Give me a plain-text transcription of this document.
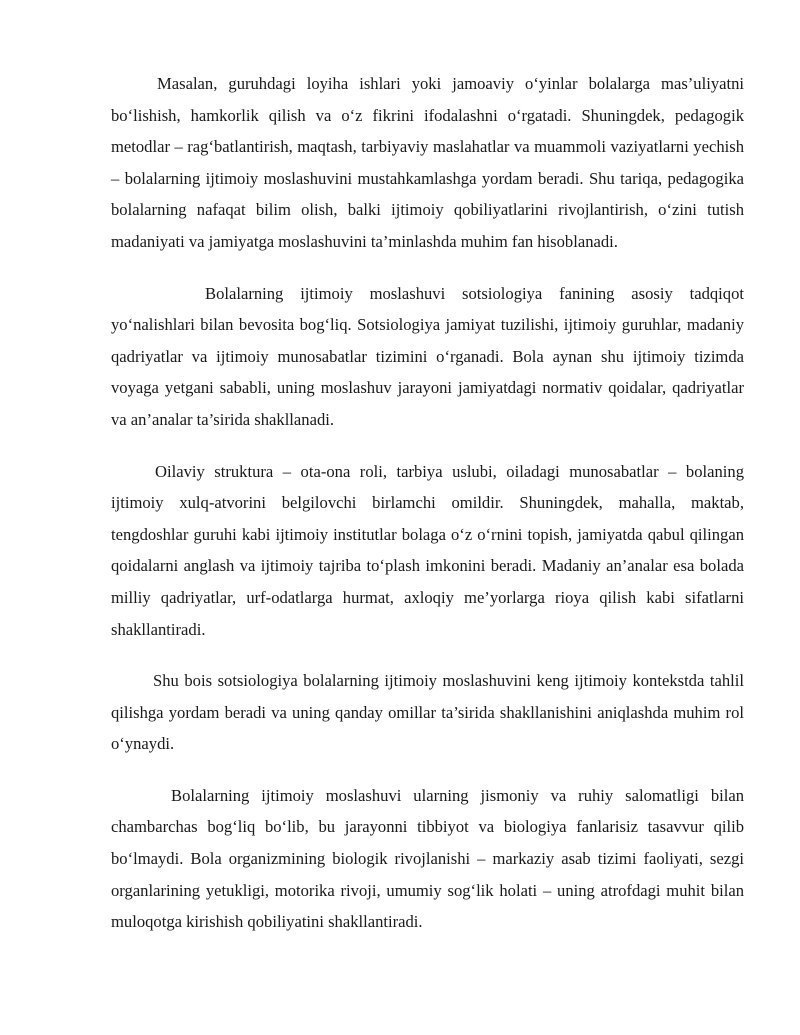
Masalan, guruhdagi loyiha ishlari yoki jamoaviy o‘yinlar bolalarga mas’uliyatni bo‘lishish, hamkorlik qilish va o‘z fikrini ifodalashni o‘rgatadi. Shuningdek, pedagogik metodlar – rag‘batlantirish, maqtash, tarbiyaviy maslahatlar va muammoli vaziyatlarni yechish – bolalarning ijtimoiy moslashuvini mustahkamlashga yordam beradi. Shu tariqa, pedagogika bolalarning nafaqat bilim olish, balki ijtimoiy qobiliyatlarini rivojlantirish, o‘zini tutish madaniyati va jamiyatga moslashuvini ta’minlashda muhim fan hisoblanadi.

Bolalarning ijtimoiy moslashuvi sotsiologiya fanining asosiy tadqiqot yo‘nalishlari bilan bevosita bog‘liq. Sotsiologiya jamiyat tuzilishi, ijtimoiy guruhlar, madaniy qadriyatlar va ijtimoiy munosabatlar tizimini o‘rganadi. Bola aynan shu ijtimoiy tizimda voyaga yetgani sababli, uning moslashuv jarayoni jamiyatdagi normativ qoidalar, qadriyatlar va an’analar ta’sirida shakllanadi.

Oilaviy struktura – ota-ona roli, tarbiya uslubi, oiladagi munosabatlar – bolaning ijtimoiy xulq-atvorini belgilovchi birlamchi omildir. Shuningdek, mahalla, maktab, tengdoshlar guruhi kabi ijtimoiy institutlar bolaga o‘z o‘rnini topish, jamiyatda qabul qilingan qoidalarni anglash va ijtimoiy tajriba to‘plash imkonini beradi. Madaniy an’analar esa bolada milliy qadriyatlar, urf-odatlarga hurmat, axloqiy me’yorlarga rioya qilish kabi sifatlarni shakllantiradi.

Shu bois sotsiologiya bolalarning ijtimoiy moslashuvini keng ijtimoiy kontekstda tahlil qilishga yordam beradi va uning qanday omillar ta’sirida shakllanishini aniqlashda muhim rol o‘ynaydi.

Bolalarning ijtimoiy moslashuvi ularning jismoniy va ruhiy salomatligi bilan chambarchas bog‘liq bo‘lib, bu jarayonni tibbiyot va biologiya fanlarisiz tasavvur qilib bo‘lmaydi. Bola organizmining biologik rivojlanishi – markaziy asab tizimi faoliyati, sezgi organlarining yetukligi, motorika rivoji, umumiy sog‘lik holati – uning atrofdagi muhit bilan muloqotga kirishish qobiliyatini shakllantiradi.
